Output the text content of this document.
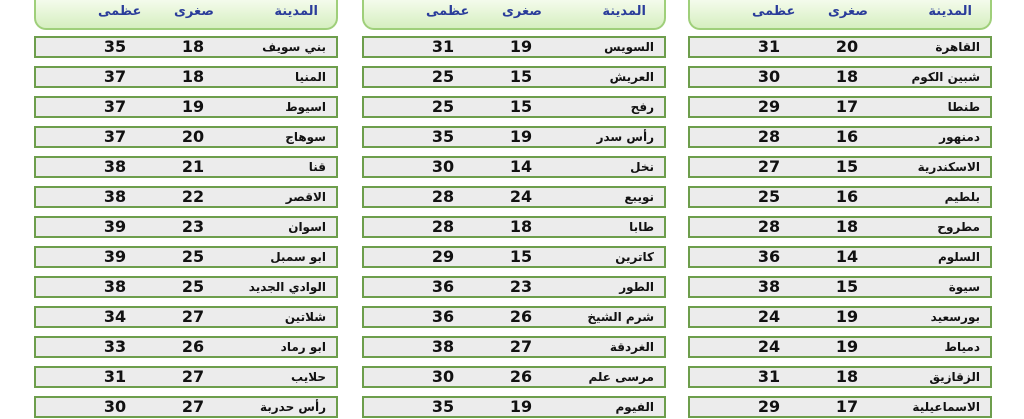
عظمى	صغرى	المدينة
31	20	القاهرة
30	18	شبين الكوم
29	17	طنطا
28	16	دمنهور
27	15	الاسكندرية
25	16	بلطيم
28	18	مطروح
36	14	السلوم
38	15	سيوة
24	19	بورسعيد
24	19	دمياط
31	18	الزقازيق
29	17	الاسماعيلية
عظمى	صغرى	المدينة
31	19	السويس
25	15	العريش
25	15	رفح
35	19	رأس سدر
30	14	نخل
28	24	نويبع
28	18	طابا
29	15	كاترين
36	23	الطور
36	26	شرم الشيخ
38	27	الغردقة
30	26	مرسى علم
35	19	الفيوم
عظمى	صغرى	المدينة
35	18	بني سويف
37	18	المنيا
37	19	اسيوط
37	20	سوهاج
38	21	قنا
38	22	الاقصر
39	23	اسوان
39	25	ابو سمبل
38	25	الوادي الجديد
34	27	شلاتين
33	26	ابو رماد
31	27	حلايب
30	27	رأس حدربة
